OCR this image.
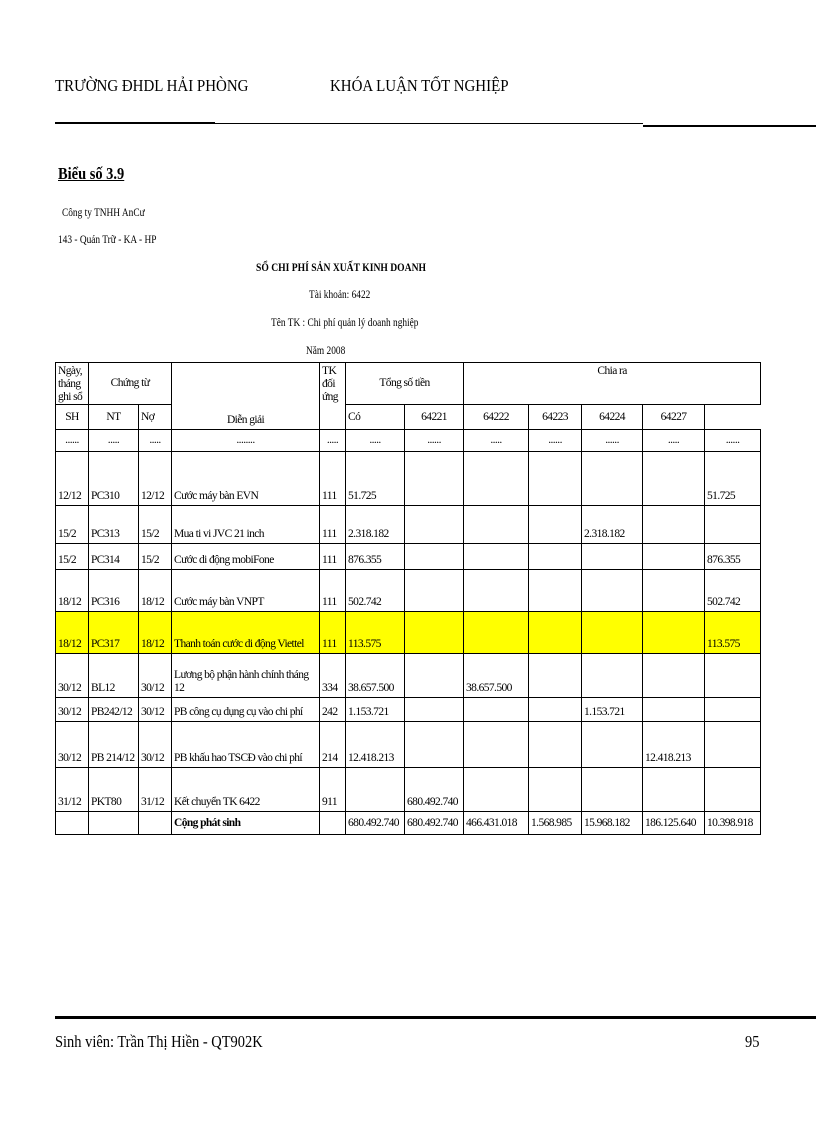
TRƯỜNG ĐHDL HẢI PHÒNG	KHÓA LUẬN TỐT NGHIỆP
Biểu số 3.9
Công ty TNHH AnCư
143 - Quán Trữ - KA - HP
SỔ CHI PHÍ SẢN XUẤT KINH DOANH
Tài khoản: 6422
Tên TK : Chi phí quản lý doanh nghiệp
Năm 2008
Ngày, tháng ghi sổ	Chứng từ		Diễn giải	TK đối ứng	Tổng số tiền		Chia ra				

SH	NT	Nợ			Có	64221	64222	64223	64224	64227	
......	.....	.....	........	.....	.....	......	.....	......	......	.....	......
12/12	PC310	12/12	Cước máy bàn EVN	111	51.725						51.725
15/2	PC313	15/2	Mua ti vi JVC 21 inch	111	2.318.182				2.318.182		
15/2	PC314	15/2	Cước di động mobiFone	111	876.355						876.355
18/12	PC316	18/12	Cước máy bàn VNPT	111	502.742						502.742
18/12	PC317	18/12	Thanh toán cước di động Viettel	111	113.575						113.575
30/12	BL12	30/12	Lương bộ phận hành chính tháng 12	334	38.657.500		38.657.500				
30/12	PB242/12	30/12	PB công cụ dụng cụ vào chi phí	242	1.153.721				1.153.721		
30/12	PB 214/12	30/12	PB khấu hao TSCĐ vào chi phí	214	12.418.213					12.418.213	
31/12	PKT80	31/12	Kết chuyển TK 6422	911		680.492.740					
			Cộng phát sinh		680.492.740	680.492.740	466.431.018	1.568.985	15.968.182	186.125.640	10.398.918
Sinh viên: Trần Thị Hiền - QT902K	95
